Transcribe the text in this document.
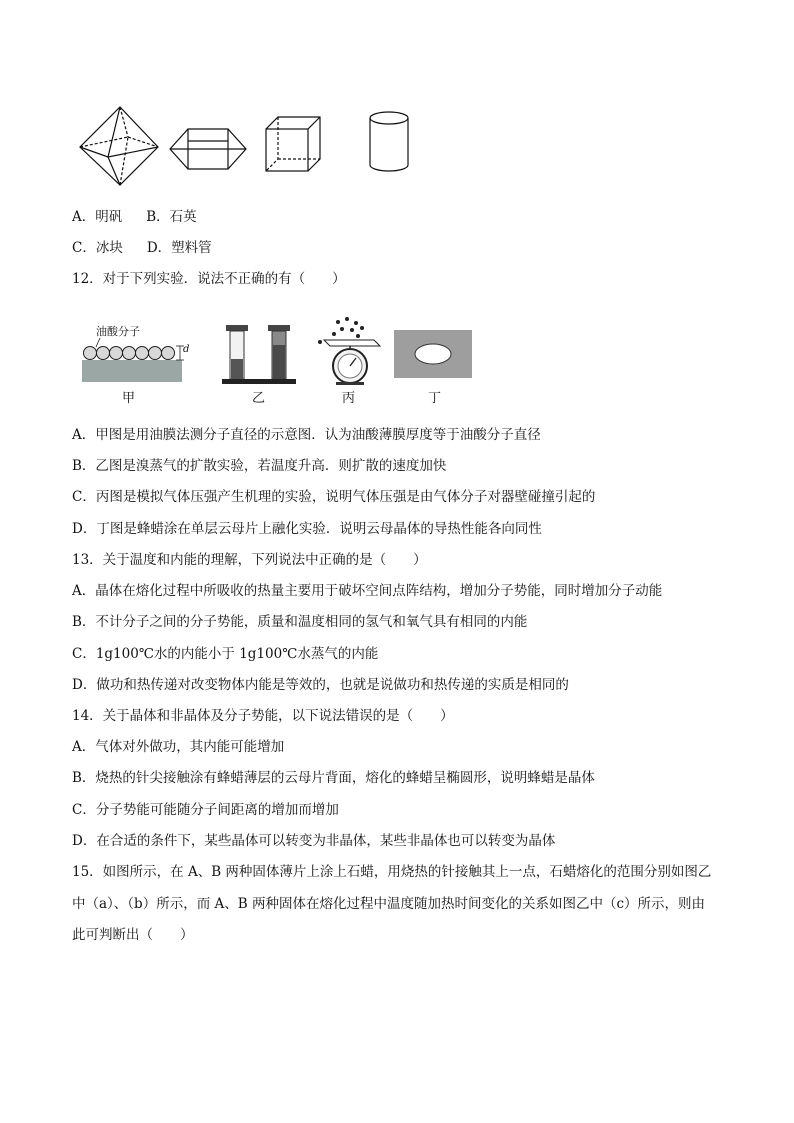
A．明矾 B．石英
C．冰块 D．塑料管
12．对于下列实验．说法不正确的有（　　）
油酸分子
d
甲	乙	丙	丁
A．甲图是用油膜法测分子直径的示意图．认为油酸薄膜厚度等于油酸分子直径
B．乙图是溴蒸气的扩散实验，若温度升高．则扩散的速度加快
C．丙图是模拟气体压强产生机理的实验，说明气体压强是由气体分子对器壁碰撞引起的
D．丁图是蜂蜡涂在单层云母片上融化实验．说明云母晶体的导热性能各向同性
13．关于温度和内能的理解，下列说法中正确的是（　　）
A．晶体在熔化过程中所吸收的热量主要用于破坏空间点阵结构，增加分子势能，同时增加分子动能
B．不计分子之间的分子势能，质量和温度相同的氢气和氧气具有相同的内能
C．1g100℃水的内能小于 1g100℃水蒸气的内能
D．做功和热传递对改变物体内能是等效的，也就是说做功和热传递的实质是相同的
14．关于晶体和非晶体及分子势能，以下说法错误的是（　　）
A．气体对外做功，其内能可能增加
B．烧热的针尖接触涂有蜂蜡薄层的云母片背面，熔化的蜂蜡呈椭圆形，说明蜂蜡是晶体
C．分子势能可能随分子间距离的增加而增加
D．在合适的条件下，某些晶体可以转变为非晶体，某些非晶体也可以转变为晶体
15．如图所示，在 A、B 两种固体薄片上涂上石蜡，用烧热的针接触其上一点，石蜡熔化的范围分别如图乙
中（a）、（b）所示，而 A、B 两种固体在熔化过程中温度随加热时间变化的关系如图乙中（c）所示，则由
此可判断出（　　）
